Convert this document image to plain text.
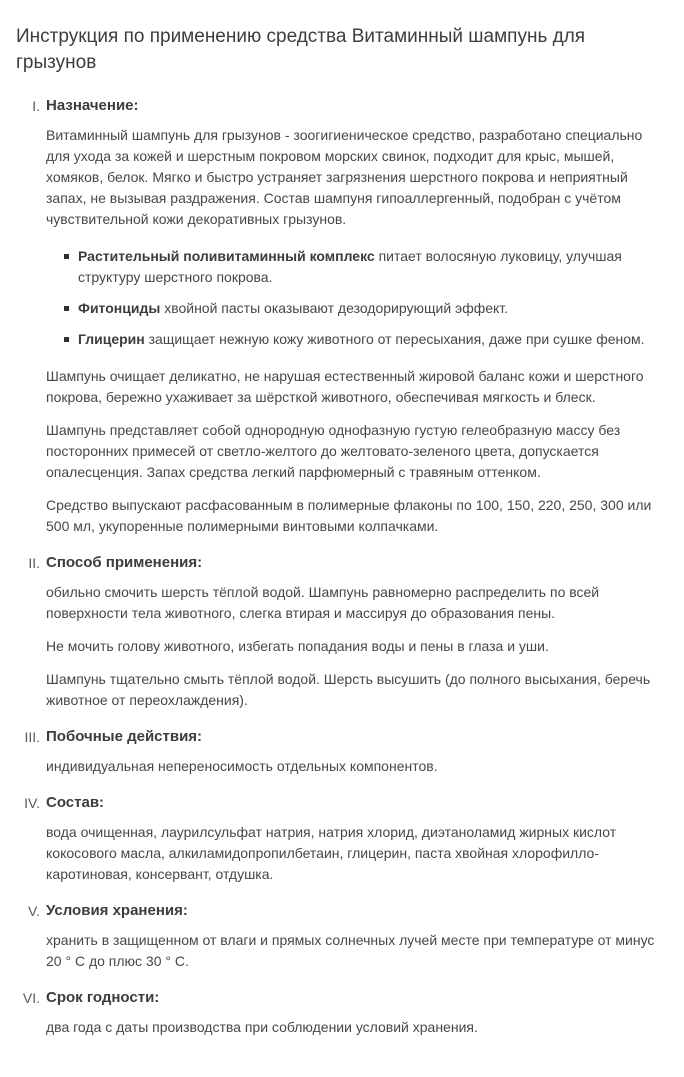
Инструкция по применению средства Витаминный шампунь для грызунов
I. Назначение:

Витаминный шампунь для грызунов - зоогигиеническое средство, разработано специально для ухода за кожей и шерстным покровом морских свинок, подходит для крыс, мышей, хомяков, белок. Мягко и быстро устраняет загрязнения шерстного покрова и неприятный запах, не вызывая раздражения. Состав шампуня гипоаллергенный, подобран с учётом чувствительной кожи декоративных грызунов.

Растительный поливитаминный комплекс питает волосяную луковицу, улучшая структуру шерстного покрова.
Фитонциды хвойной пасты оказывают дезодорирующий эффект.
Глицерин защищает нежную кожу животного от пересыхания, даже при сушке феном.

Шампунь очищает деликатно, не нарушая естественный жировой баланс кожи и шерстного покрова, бережно ухаживает за шёрсткой животного, обеспечивая мягкость и блеск.

Шампунь представляет собой однородную однофазную густую гелеобразную массу без посторонних примесей от светло-желтого до желтовато-зеленого цвета, допускается опалесценция. Запах средства легкий парфюмерный с травяным оттенком.

Средство выпускают расфасованным в полимерные флаконы по 100, 150, 220, 250, 300 или 500 мл, укупоренные полимерными винтовыми колпачками.

II. Способ применения:

обильно смочить шерсть тёплой водой. Шампунь равномерно распределить по всей поверхности тела животного, слегка втирая и массируя до образования пены.

Не мочить голову животного, избегать попадания воды и пены в глаза и уши.

Шампунь тщательно смыть тёплой водой. Шерсть высушить (до полного высыхания, беречь животное от переохлаждения).

III. Побочные действия:

индивидуальная непереносимость отдельных компонентов.

IV. Состав:

вода очищенная, лаурилсульфат натрия, натрия хлорид, диэтаноламид жирных кислот кокосового масла, алкиламидопропилбетаин, глицерин, паста хвойная хлорофилло-каротиновая, консервант, отдушка.

V. Условия хранения:

хранить в защищенном от влаги и прямых солнечных лучей месте при температуре от минус 20 ° C до плюс 30 ° C.

VI. Срок годности:

два года с даты производства при соблюдении условий хранения.
